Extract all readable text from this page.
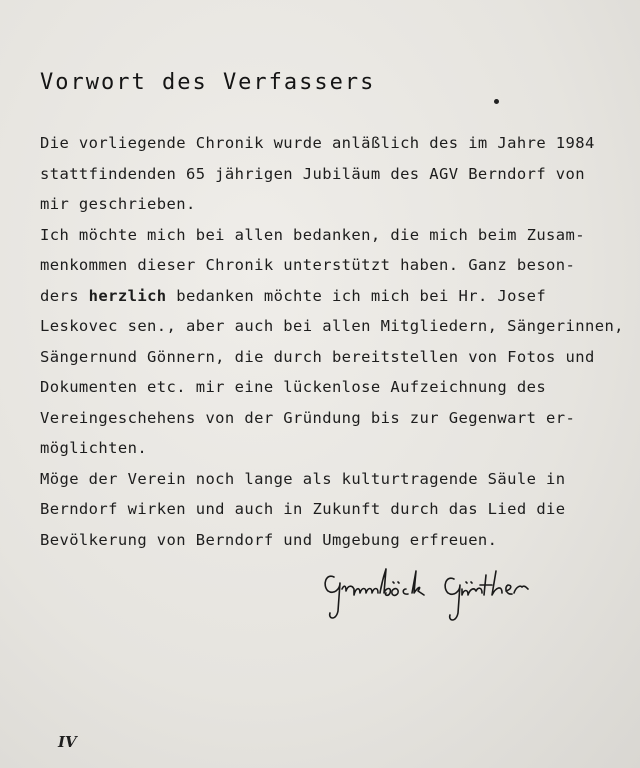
Vorwort des Verfassers
Die vorliegende Chronik wurde anläßlich des im Jahre 1984
stattfindenden 65 jährigen Jubiläum des AGV Berndorf von
mir geschrieben.
Ich möchte mich bei allen bedanken, die mich beim Zusam-
menkommen dieser Chronik unterstützt haben. Ganz beson-
ders herzlich bedanken möchte ich mich bei Hr. Josef
Leskovec sen., aber auch bei allen Mitgliedern, Sängerinnen,
Sängernund Gönnern, die durch bereitstellen von Fotos und
Dokumenten etc. mir eine lückenlose Aufzeichnung des
Vereingeschehens von der Gründung bis zur Gegenwart er-
möglichten.
Möge der Verein noch lange als kulturtragende Säule in
Berndorf wirken und auch in Zukunft durch das Lied die
Bevölkerung von Berndorf und Umgebung erfreuen.
IV
